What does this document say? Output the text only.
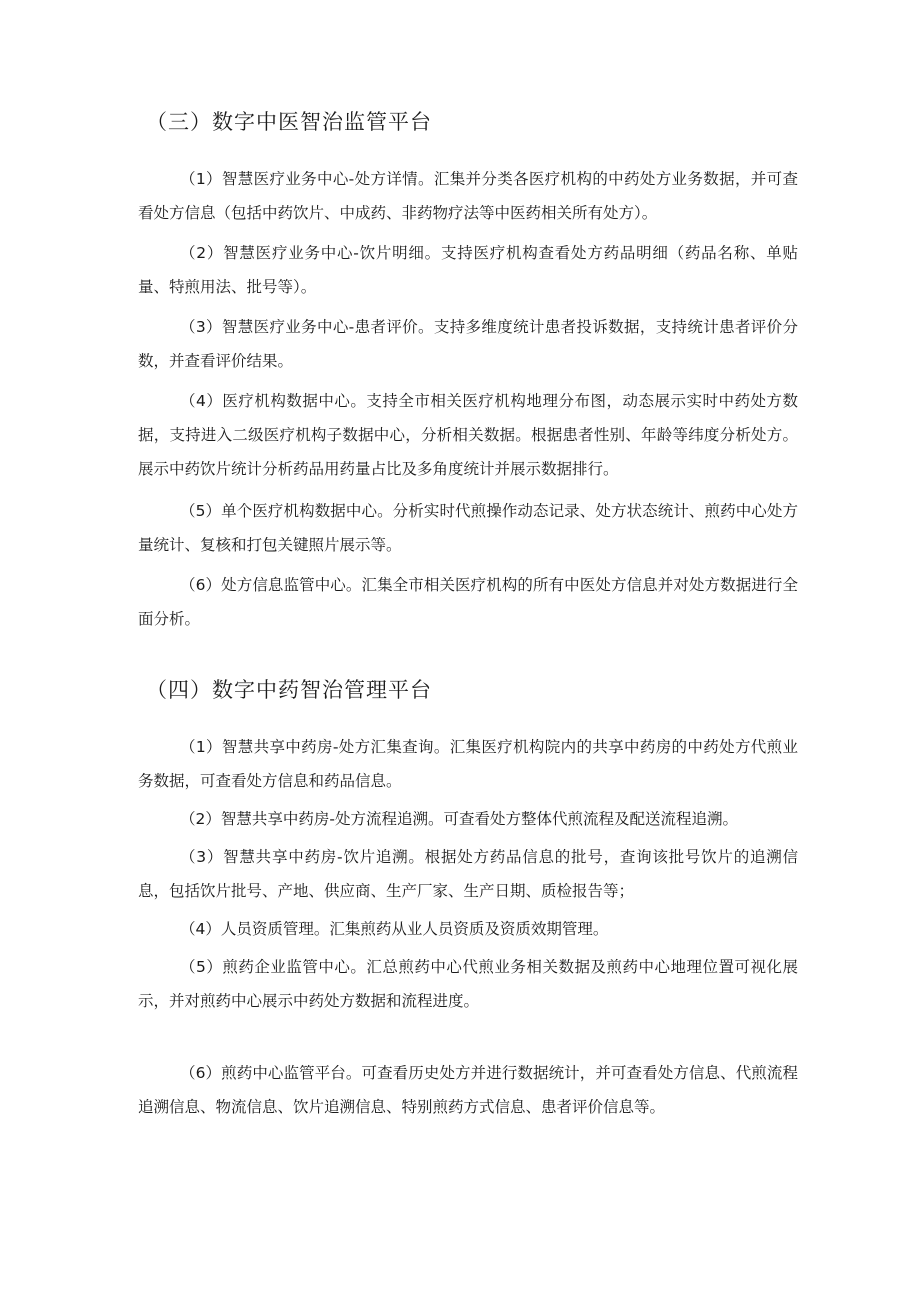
（三）数字中医智治监管平台

（1）智慧医疗业务中心-处方详情。汇集并分类各医疗机构的中药处方业务数据，并可查看处方信息（包括中药饮片、中成药、非药物疗法等中医药相关所有处方）。

（2）智慧医疗业务中心-饮片明细。支持医疗机构查看处方药品明细（药品名称、单贴量、特煎用法、批号等）。

（3）智慧医疗业务中心-患者评价。支持多维度统计患者投诉数据，支持统计患者评价分数，并查看评价结果。

（4）医疗机构数据中心。支持全市相关医疗机构地理分布图，动态展示实时中药处方数据，支持进入二级医疗机构子数据中心，分析相关数据。根据患者性别、年龄等纬度分析处方。展示中药饮片统计分析药品用药量占比及多角度统计并展示数据排行。

（5）单个医疗机构数据中心。分析实时代煎操作动态记录、处方状态统计、煎药中心处方量统计、复核和打包关键照片展示等。

（6）处方信息监管中心。汇集全市相关医疗机构的所有中医处方信息并对处方数据进行全面分析。

（四）数字中药智治管理平台

（1）智慧共享中药房-处方汇集查询。汇集医疗机构院内的共享中药房的中药处方代煎业务数据，可查看处方信息和药品信息。

（2）智慧共享中药房-处方流程追溯。可查看处方整体代煎流程及配送流程追溯。

（3）智慧共享中药房-饮片追溯。根据处方药品信息的批号，查询该批号饮片的追溯信息，包括饮片批号、产地、供应商、生产厂家、生产日期、质检报告等；

（4）人员资质管理。汇集煎药从业人员资质及资质效期管理。

（5）煎药企业监管中心。汇总煎药中心代煎业务相关数据及煎药中心地理位置可视化展示，并对煎药中心展示中药处方数据和流程进度。

（6）煎药中心监管平台。可查看历史处方并进行数据统计，并可查看处方信息、代煎流程追溯信息、物流信息、饮片追溯信息、特别煎药方式信息、患者评价信息等。
